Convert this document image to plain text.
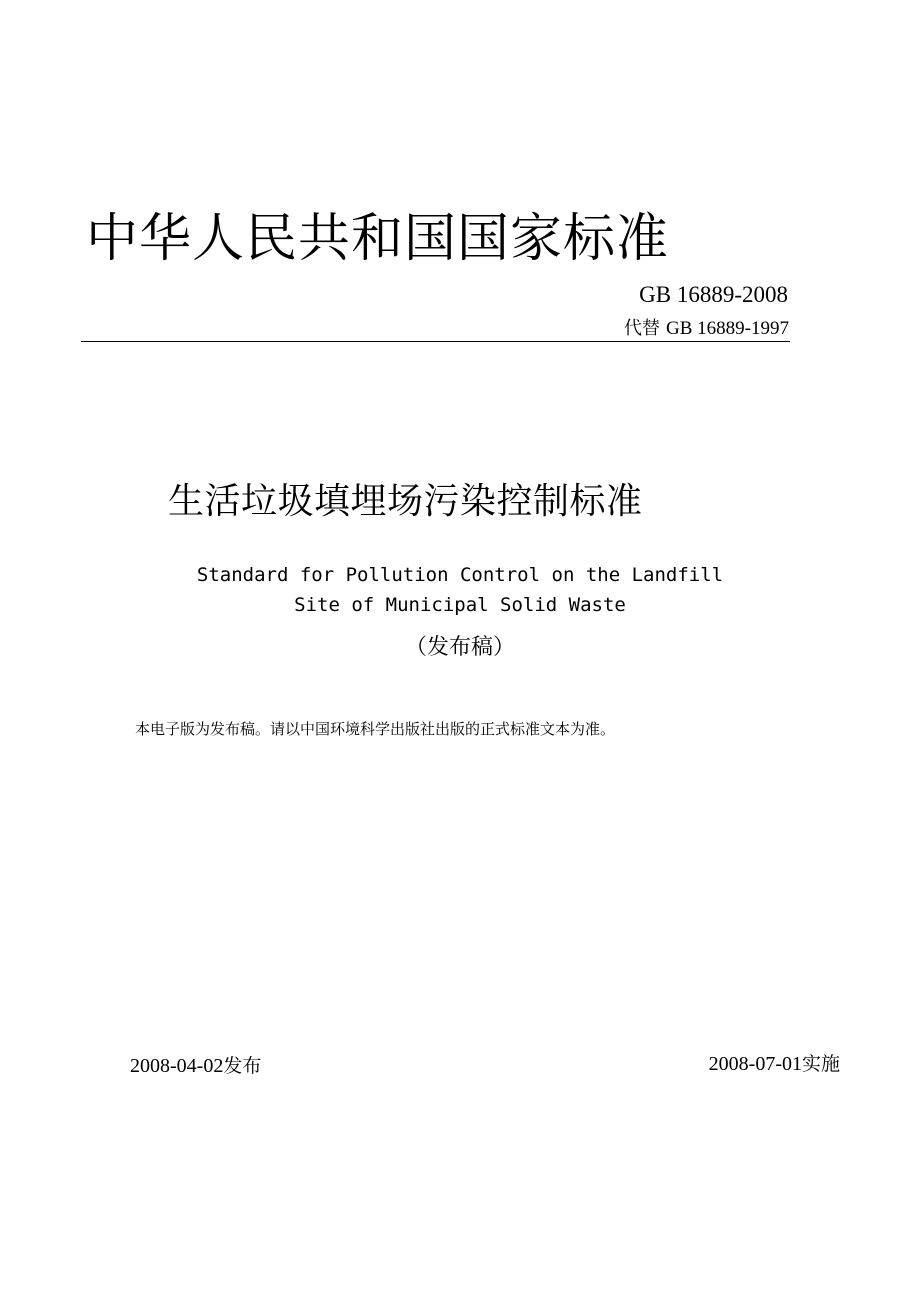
中华人民共和国国家标准
GB 16889-2008
代替 GB 16889-1997
生活垃圾填埋场污染控制标准
Standard for Pollution Control on the Landfill
Site of Municipal Solid Waste
（发布稿）
本电子版为发布稿。请以中国环境科学出版社出版的正式标准文本为准。
2008-04-02发布	2008-07-01实施
